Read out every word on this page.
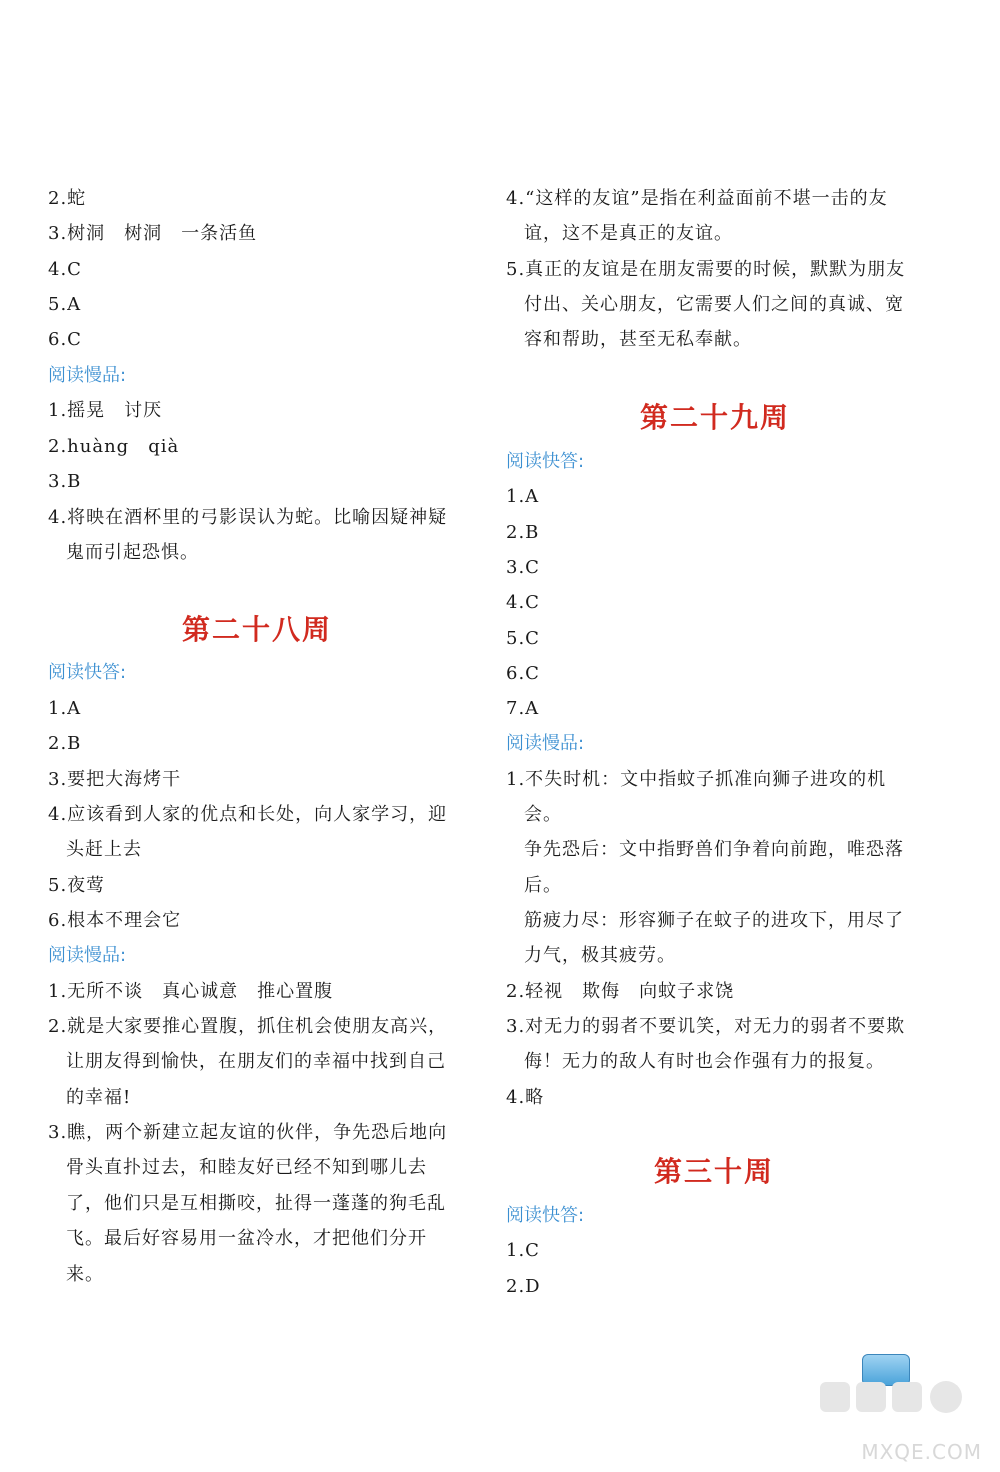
2.蛇
3.树洞　树洞　一条活鱼
4.C
5.A
6.C
阅读慢品:
1.摇晃　讨厌
2.huàng　qià
3.B
4.将映在酒杯里的弓影误认为蛇。比喻因疑神疑
鬼而引起恐惧。
第二十八周
阅读快答:
1.A
2.B
3.要把大海烤干
4.应该看到人家的优点和长处，向人家学习，迎
头赶上去
5.夜莺
6.根本不理会它
阅读慢品:
1.无所不谈　真心诚意　推心置腹
2.就是大家要推心置腹，抓住机会使朋友高兴，
让朋友得到愉快，在朋友们的幸福中找到自己
的幸福!
3.瞧，两个新建立起友谊的伙伴，争先恐后地向
骨头直扑过去，和睦友好已经不知到哪儿去
了，他们只是互相撕咬，扯得一蓬蓬的狗毛乱
飞。最后好容易用一盆冷水，才把他们分开
来。
4.“这样的友谊”是指在利益面前不堪一击的友
谊，这不是真正的友谊。
5.真正的友谊是在朋友需要的时候，默默为朋友
付出、关心朋友，它需要人们之间的真诚、宽
容和帮助，甚至无私奉献。
第二十九周
阅读快答:
1.A
2.B
3.C
4.C
5.C
6.C
7.A
阅读慢品:
1.不失时机：文中指蚊子抓准向狮子进攻的机
会。
争先恐后：文中指野兽们争着向前跑，唯恐落
后。
筋疲力尽：形容狮子在蚊子的进攻下，用尽了
力气，极其疲劳。
2.轻视　欺侮　向蚊子求饶
3.对无力的弱者不要讥笑，对无力的弱者不要欺
侮！无力的敌人有时也会作强有力的报复。
4.略
第三十周
阅读快答:
1.C
2.D
MXQE.COM
